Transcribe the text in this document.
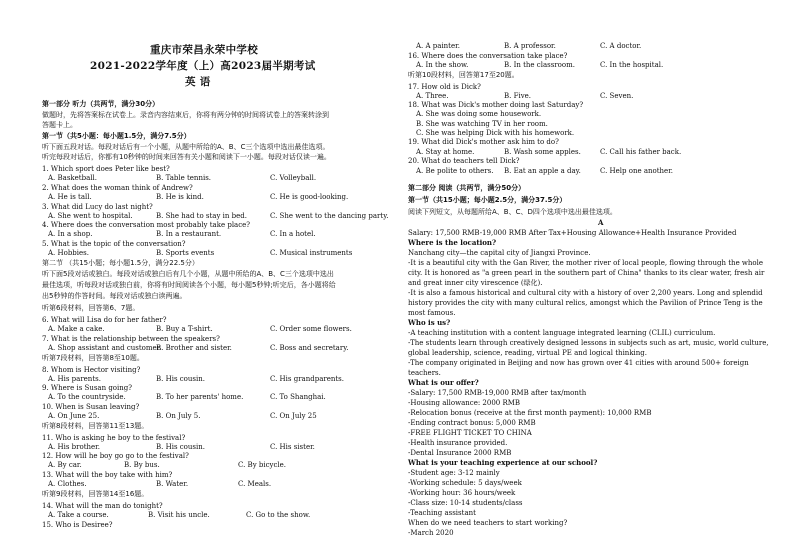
重庆市荣昌永荣中学校
2021-2022学年度（上）高2023届半期考试
英 语
第一部分 听力（共两节，满分30分）
做题时，先将答案标在试卷上。录音内容结束后，你将有两分钟的时间将试卷上的答案转涂到
答题卡上。
第一节（共5小题：每小题1.5分，满分7.5分）
听下面五段对话。每段对话后有一个小题，从题中所给的A、B、C三个选项中选出最佳选项。
听完每段对话后，你都有10秒钟的时间来回答有关小题和阅读下一小题。每段对话仅读一遍。
1. Which sport does Peter like best?
A. Basketball.	B. Table tennis.	C. Volleyball.
2. What does the woman think of Andrew?
A. He is tall.	B. He is kind.	C. He is good-looking.
3. What did Lucy do last night?
A. She went to hospital.	B. She had to stay in bed.	C. She went to the dancing party.
4. Where does the conversation most probably take place?
A. In a shop.	B. In a restaurant.	C. In a hotel.
5. What is the topic of the conversation?
A. Hobbies.	B. Sports events	C. Musical instruments
第二节 （共15小题；每小题1.5分，满分22.5分）
听下面5段对话或独白。每段对话或独白后有几个小题，从题中所给的A、B、C三个选项中选出
最佳选项，听每段对话或独白前，你将有时间阅读各个小题，每小题5秒钟;听完后，各小题将给
出5秒钟的作答时间。每段对话或独白读两遍。
听第6段材料，回答第6、7题。
6. What will Lisa do for her father?
A. Make a cake.	B. Buy a T-shirt.	C. Order some flowers.
7. What is the relationship between the speakers?
A. Shop assistant and customer.
B. Brother and sister.	C. Boss and secretary.
听第7段材料，回答第8至10题。
8. Whom is Hector visiting?
A. His parents.	B. His cousin.	C. His grandparents.
9. Where is Susan going?
A. To the countryside.	B. To her parents' home.	C. To Shanghai.
10. When is Susan leaving?
A. On June 25.	B. On July 5.	C. On July 25
听第8段材料，回答第11至13题。
11. Who is asking he boy to the festival?
A. His brother.	B. His cousin.	C. His sister.
12. How will he boy go go to the festival?
A. By car.	B. By bus.	C. By bicycle.
13. What will the boy take with him?
A. Clothes.	B. Water.	C. Meals.
听第9段材料，回答第14至16题。
14. What will the man do tonight?
A. Take a course.	B. Visit his uncle.	C. Go to the show.
15. Who is Desiree?
A. A painter.	B. A professor.	C. A doctor.
16. Where does the conversation take place?
A. In the show.	B. In the classroom.	C. In the hospital.
听第10段材料，回答第17至20题。
17. How old is Dick?
A. Three.	B. Five.	C. Seven.
18. What was Dick's mother doing last Saturday?
A. She was doing some housework.
B. She was watching TV in her room.
C. She was helping Dick with his homework.
19. What did Dick's mother ask him to do?
A. Stay at home.	B. Wash some apples.	C. Call his father back.
20. What do teachers tell Dick?
A. Be polite to others. B. Eat an apple a day.	C. Help one another.
第二部分 阅读（共两节，满分50分）
第一节（共15小题；每小题2.5分，满分37.5分）
阅读下列短文，从每题所给A、B、C、D四个选项中选出最佳选项。
A
Salary: 17,500 RMB-19,000 RMB After Tax+Housing Allowance+Health Insurance Provided
Where is the location?
Nanchang city—the capital city of Jiangxi Province.
-It is a beautiful city with the Gan River, the mother river of local people, flowing through the whole
city. It is honored as "a green pearl in the southern part of China" thanks to its clear water, fresh air
and great inner city virescence (绿化).
-It is also a famous historical and cultural city with a history of over 2,200 years. Long and splendid
history provides the city with many cultural relics, amongst which the Pavilion of Prince Teng is the
most famous.
Who is us?
-A teaching institution with a content language integrated learning (CLIL) curriculum.
-The students learn through creatively designed lessons in subjects such as art, music, world culture,
global leadership, science, reading, virtual PE and logical thinking.
-The company originated in Beijing and now has grown over 41 cities with around 500+ foreign
teachers.
What is our offer?
-Salary: 17,500 RMB-19,000 RMB after tax/month
-Housing allowance: 2000 RMB
-Relocation bonus (receive at the first month payment): 10,000 RMB
-Ending contract bonus: 5,000 RMB
-FREE FLIGHT TICKET TO CHINA
-Health insurance provided.
-Dental Insurance 2000 RMB
What is your teaching experience at our school?
-Student age: 3-12 mainly
-Working schedule: 5 days/week
-Working hour: 36 hours/week
-Class size: 10-14 students/class
-Teaching assistant
When do we need teachers to start working?
-March 2020
